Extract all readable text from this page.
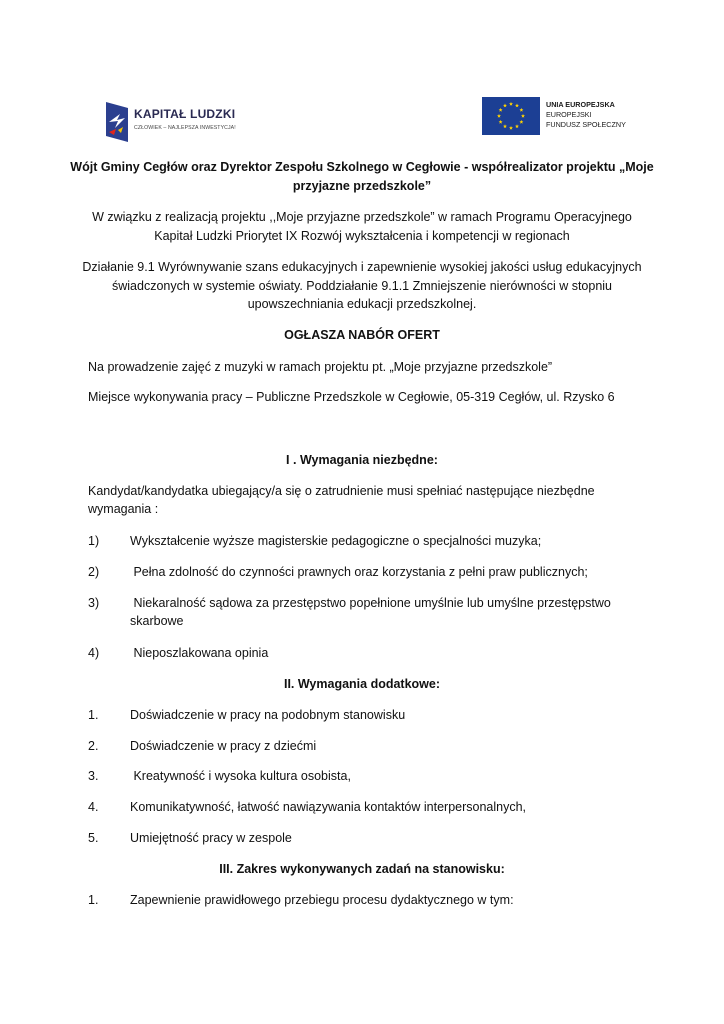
KAPITAŁ LUDZKI
CZŁOWIEK – NAJLEPSZA INWESTYCJA!
UNIA EUROPEJSKA
EUROPEJSKI
FUNDUSZ SPOŁECZNY
Wójt Gminy Cegłów oraz Dyrektor Zespołu Szkolnego w Cegłowie - współrealizator projektu „Moje
przyjazne przedszkole”
W związku z realizacją projektu ,,Moje przyjazne przedszkole” w ramach Programu Operacyjnego
Kapitał Ludzki Priorytet IX Rozwój wykształcenia i kompetencji w regionach
Działanie 9.1 Wyrównywanie szans edukacyjnych i zapewnienie wysokiej jakości usług edukacyjnych
świadczonych w systemie oświaty. Poddziałanie 9.1.1 Zmniejszenie nierówności w stopniu
upowszechniania edukacji przedszkolnej.
OGŁASZA NABÓR OFERT
Na prowadzenie zajęć z muzyki w ramach projektu pt. „Moje przyjazne przedszkole”
Miejsce wykonywania pracy – Publiczne Przedszkole w Cegłowie, 05-319 Cegłów, ul. Rzysko 6
I . Wymagania niezbędne:
Kandydat/kandydatka ubiegający/a się o zatrudnienie musi spełniać następujące niezbędne
wymagania :
1) Wykształcenie wyższe magisterskie pedagogiczne o specjalności muzyka;
2) Pełna zdolność do czynności prawnych oraz korzystania z pełni praw publicznych;
3) Niekaralność sądowa za przestępstwo popełnione umyślnie lub umyślne przestępstwo
skarbowe
4) Nieposzlakowana opinia
II. Wymagania dodatkowe:
1.	Doświadczenie w pracy na podobnym stanowisku
2.	Doświadczenie w pracy z dziećmi
3.	Kreatywność i wysoka kultura osobista,
4.	Komunikatywność, łatwość nawiązywania kontaktów interpersonalnych,
5.	Umiejętność pracy w zespole
III. Zakres wykonywanych zadań na stanowisku:
1.	Zapewnienie prawidłowego przebiegu procesu dydaktycznego w tym:
